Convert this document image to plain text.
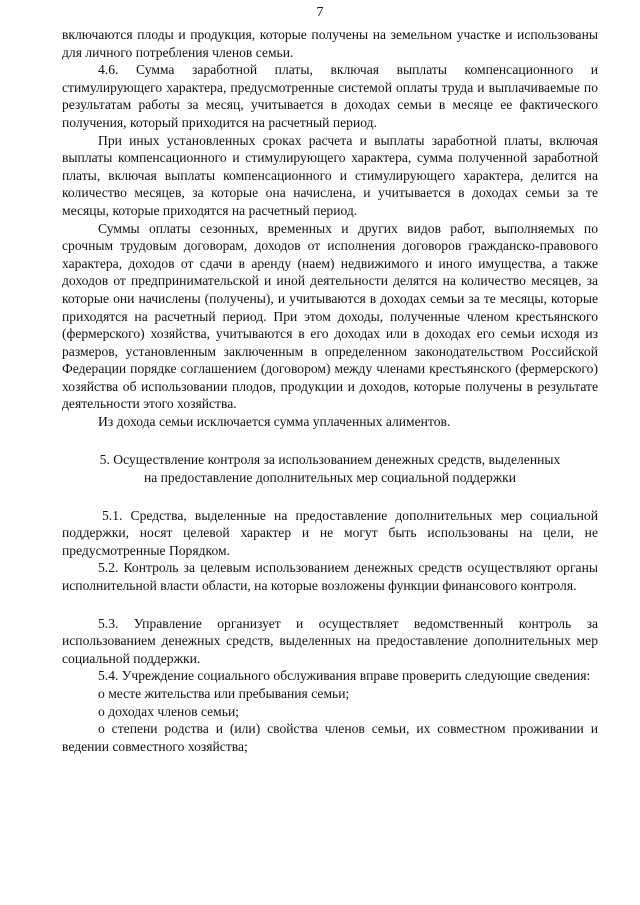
7

включаются плоды и продукция, которые получены на земельном участке и использованы для личного потребления членов семьи.

4.6. Сумма заработной платы, включая выплаты компенсационного и стимулирующего характера, предусмотренные системой оплаты труда и выплачиваемые по результатам работы за месяц, учитывается в доходах семьи в месяце ее фактического получения, который приходится на расчетный период.

При иных установленных сроках расчета и выплаты заработной платы, включая выплаты компенсационного и стимулирующего характера, сумма полученной заработной платы, включая выплаты компенсационного и стимулирующего характера, делится на количество месяцев, за которые она начислена, и учитывается в доходах семьи за те месяцы, которые приходятся на расчетный период.

Суммы оплаты сезонных, временных и других видов работ, выполняемых по срочным трудовым договорам, доходов от исполнения договоров гражданско-правового характера, доходов от сдачи в аренду (наем) недвижимого и иного имущества, а также доходов от предпринимательской и иной деятельности делятся на количество месяцев, за которые они начислены (получены), и учитываются в доходах семьи за те месяцы, которые приходятся на расчетный период. При этом доходы, полученные членом крестьянского (фермерского) хозяйства, учитываются в его доходах или в доходах его семьи исходя из размеров, установленным заключенным в определенном законодательством Российской Федерации порядке соглашением (договором) между членами крестьянского (фермерского) хозяйства об использовании плодов, продукции и доходов, которые получены в результате деятельности этого хозяйства.

Из дохода семьи исключается сумма уплаченных алиментов.

5. Осуществление контроля за использованием денежных средств, выделенных
на предоставление дополнительных мер социальной поддержки

5.1. Средства, выделенные на предоставление дополнительных мер социальной поддержки, носят целевой характер и не могут быть использованы на цели, не предусмотренные Порядком.

5.2. Контроль за целевым использованием денежных средств осуществляют органы исполнительной власти области, на которые возложены функции финансового контроля.

5.3. Управление организует и осуществляет ведомственный контроль за использованием денежных средств, выделенных на предоставление дополнительных мер социальной поддержки.

5.4. Учреждение социального обслуживания вправе проверить следующие сведения:

о месте жительства или пребывания семьи;

о доходах членов семьи;

о степени родства и (или) свойства членов семьи, их совместном проживании и ведении совместного хозяйства;
